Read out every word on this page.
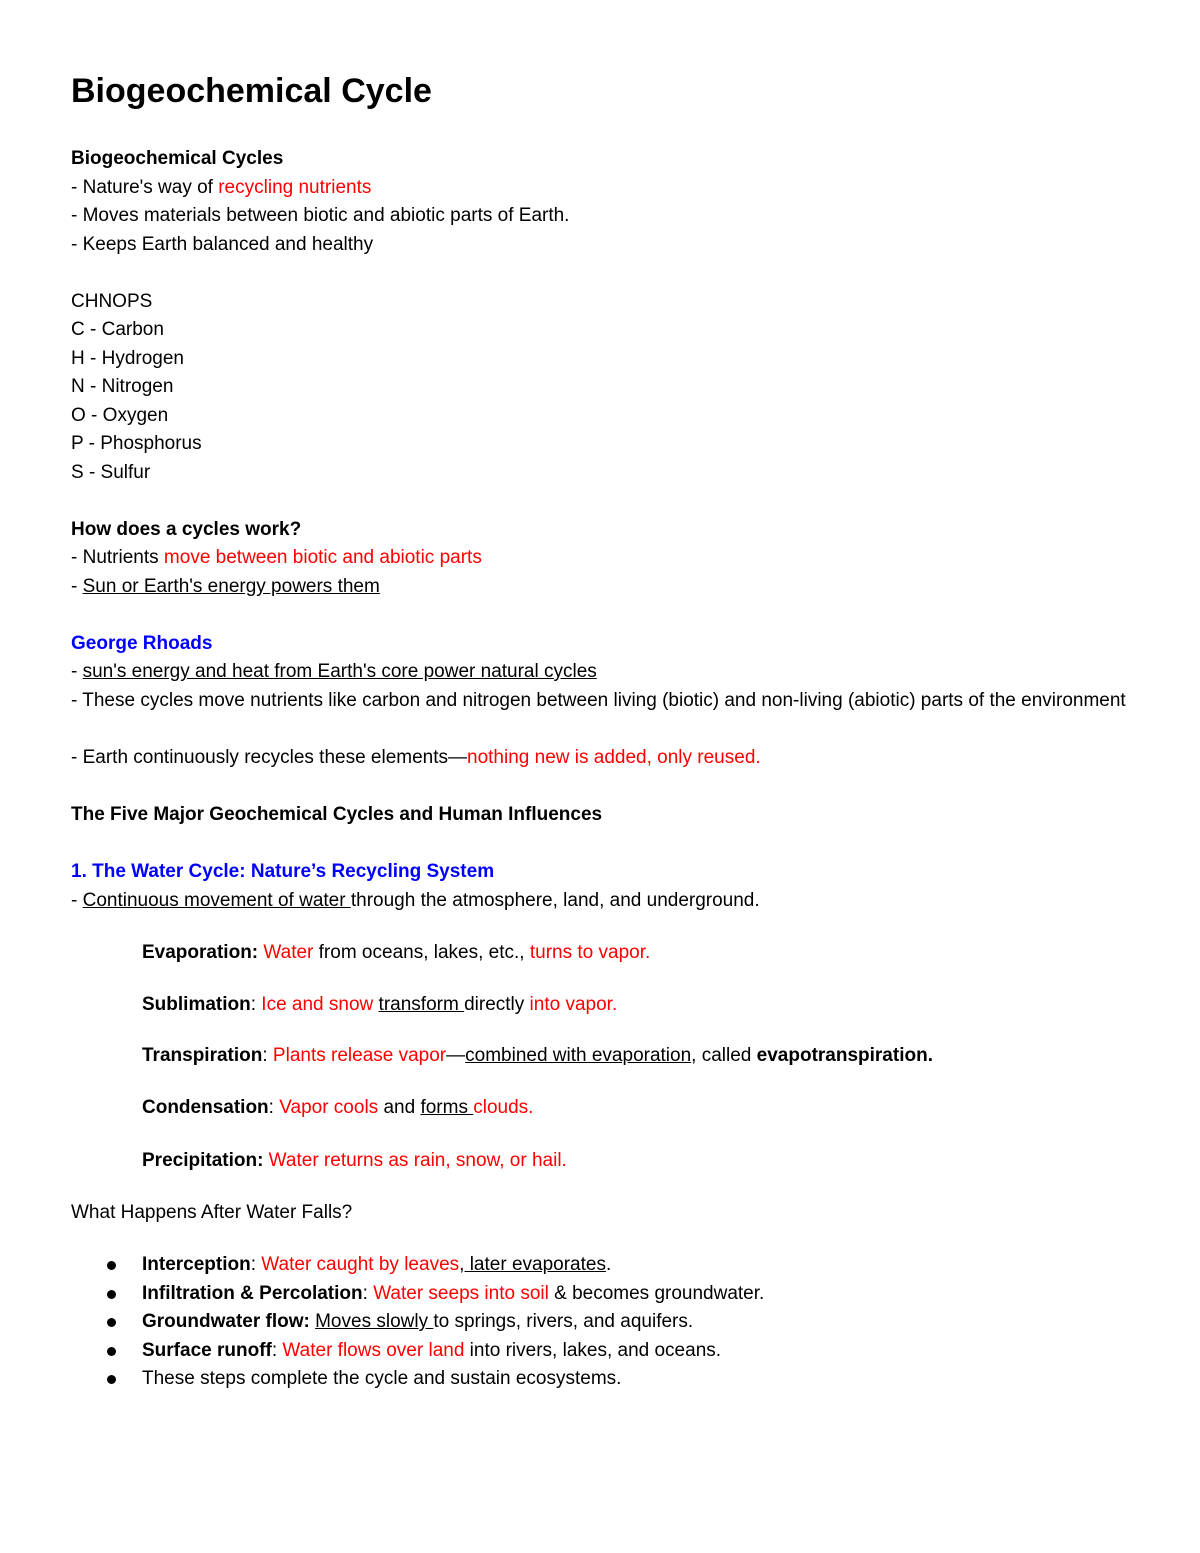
Biogeochemical Cycle
Biogeochemical Cycles
- Nature's way of recycling nutrients
- Moves materials between biotic and abiotic parts of Earth.
- Keeps Earth balanced and healthy
CHNOPS
C - Carbon
H - Hydrogen
N - Nitrogen
O - Oxygen
P - Phosphorus
S - Sulfur
How does a cycles work?
- Nutrients move between biotic and abiotic parts
- Sun or Earth's energy powers them
George Rhoads
- sun's energy and heat from Earth's core power natural cycles
- These cycles move nutrients like carbon and nitrogen between living (biotic) and non-living (abiotic) parts of the environment
- Earth continuously recycles these elements—nothing new is added, only reused.
The Five Major Geochemical Cycles and Human Influences
1. The Water Cycle: Nature’s Recycling System
- Continuous movement of water through the atmosphere, land, and underground.
Evaporation: Water from oceans, lakes, etc., turns to vapor.
Sublimation: Ice and snow transform directly into vapor.
Transpiration: Plants release vapor—combined with evaporation, called evapotranspiration.
Condensation: Vapor cools and forms clouds.
Precipitation: Water returns as rain, snow, or hail.
What Happens After Water Falls?
Interception: Water caught by leaves, later evaporates.
Infiltration & Percolation: Water seeps into soil & becomes groundwater.
Groundwater flow: Moves slowly to springs, rivers, and aquifers.
Surface runoff: Water flows over land into rivers, lakes, and oceans.
These steps complete the cycle and sustain ecosystems.
